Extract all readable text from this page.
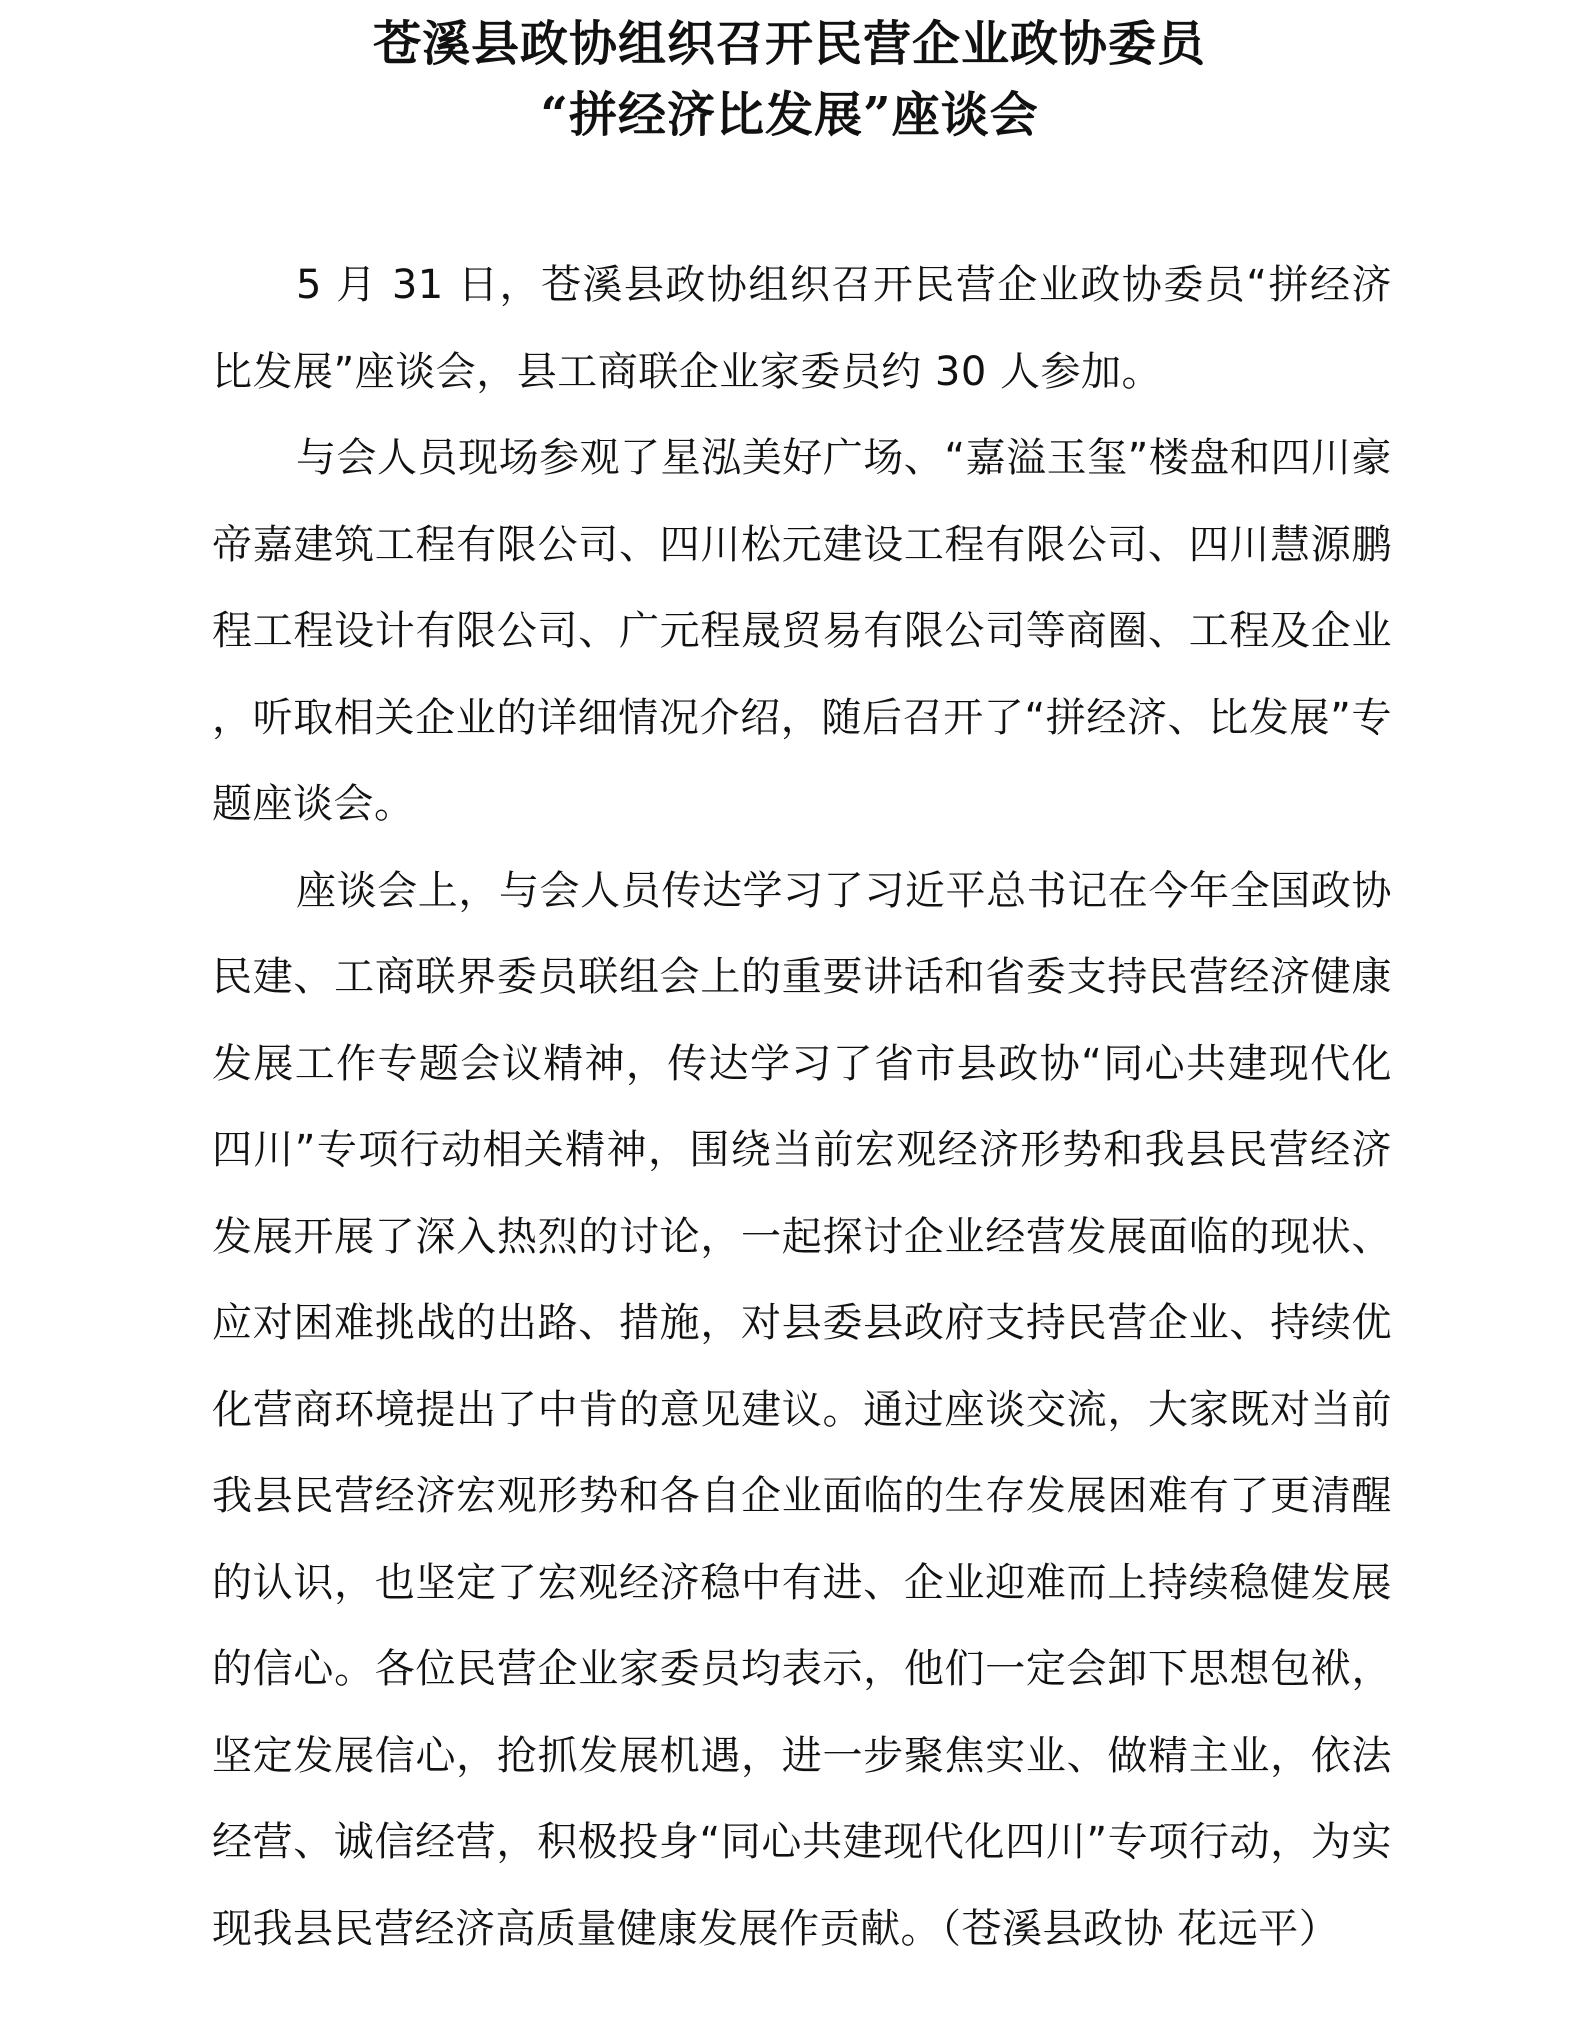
苍溪县政协组织召开民营企业政协委员
“拼经济比发展”座谈会

5 月 31 日，苍溪县政协组织召开民营企业政协委员“拼经济比发展”座谈会，县工商联企业家委员约 30 人参加。

与会人员现场参观了星泓美好广场、“嘉溢玉玺”楼盘和四川豪帝嘉建筑工程有限公司、四川松元建设工程有限公司、四川慧源鹏程工程设计有限公司、广元程晟贸易有限公司等商圈、工程及企业，听取相关企业的详细情况介绍，随后召开了“拼经济、比发展”专题座谈会。

座谈会上，与会人员传达学习了习近平总书记在今年全国政协民建、工商联界委员联组会上的重要讲话和省委支持民营经济健康发展工作专题会议精神，传达学习了省市县政协“同心共建现代化四川”专项行动相关精神，围绕当前宏观经济形势和我县民营经济发展开展了深入热烈的讨论，一起探讨企业经营发展面临的现状、应对困难挑战的出路、措施，对县委县政府支持民营企业、持续优化营商环境提出了中肯的意见建议。通过座谈交流，大家既对当前我县民营经济宏观形势和各自企业面临的生存发展困难有了更清醒的认识，也坚定了宏观经济稳中有进、企业迎难而上持续稳健发展的信心。各位民营企业家委员均表示，他们一定会卸下思想包袱，坚定发展信心，抢抓发展机遇，进一步聚焦实业、做精主业，依法经营、诚信经营，积极投身“同心共建现代化四川”专项行动，为实现我县民营经济高质量健康发展作贡献。（苍溪县政协 花远平）
